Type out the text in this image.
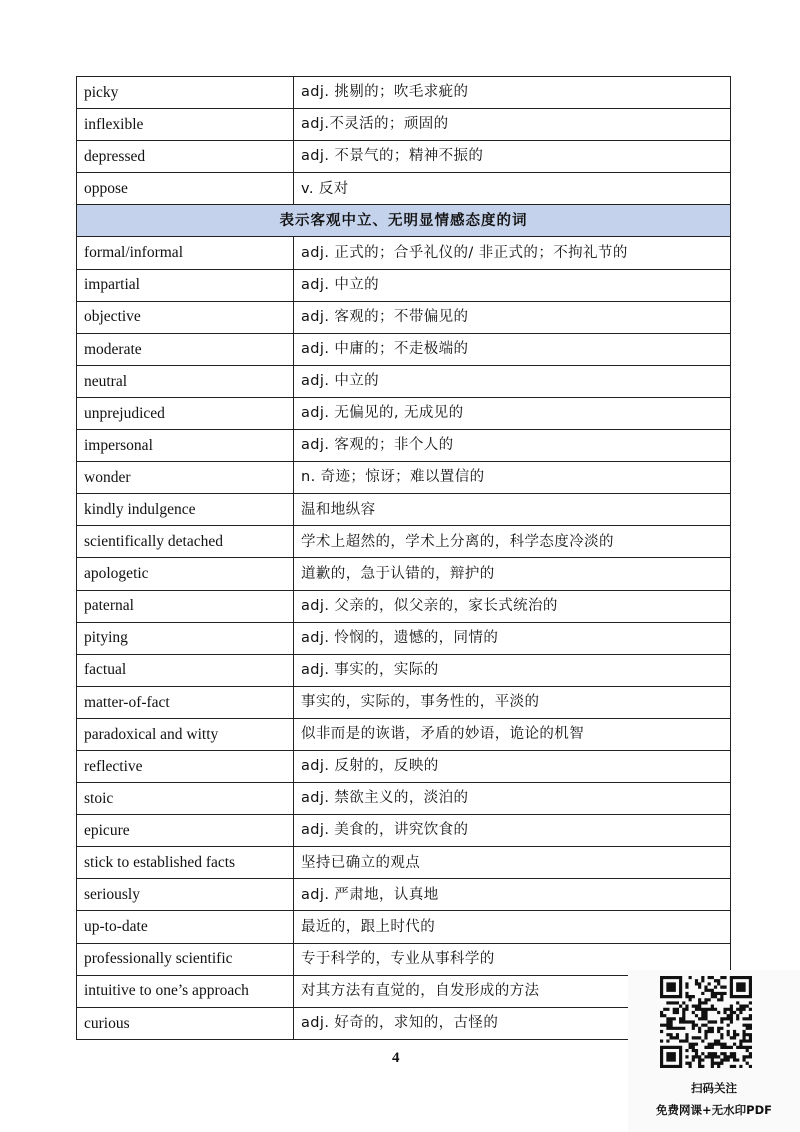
picky	adj. 挑剔的；吹毛求疵的
inflexible	adj.不灵活的；顽固的
depressed	adj. 不景气的；精神不振的
oppose	v. 反对
表示客观中立、无明显情感态度的词	
formal/informal	adj. 正式的；合乎礼仪的/ 非正式的；不拘礼节的
impartial	adj. 中立的
objective	adj. 客观的；不带偏见的
moderate	adj. 中庸的；不走极端的
neutral	adj. 中立的
unprejudiced	adj. 无偏见的, 无成见的
impersonal	adj. 客观的；非个人的
wonder	n. 奇迹；惊讶；难以置信的
kindly indulgence	温和地纵容
scientifically detached	学术上超然的，学术上分离的，科学态度冷淡的
apologetic	道歉的，急于认错的，辩护的
paternal	adj. 父亲的，似父亲的，家长式统治的
pitying	adj. 怜悯的，遗憾的，同情的
factual	adj. 事实的，实际的
matter-of-fact	事实的，实际的，事务性的，平淡的
paradoxical and witty	似非而是的诙谐，矛盾的妙语，诡论的机智
reflective	adj. 反射的，反映的
stoic	adj. 禁欲主义的，淡泊的
epicure	adj. 美食的，讲究饮食的
stick to established facts	坚持已确立的观点
seriously	adj. 严肃地，认真地
up-to-date	最近的，跟上时代的
professionally scientific	专于科学的，专业从事科学的
intuitive to one’s approach	对其方法有直觉的，自发形成的方法
curious	adj. 好奇的，求知的，古怪的
4
扫码关注
免费网课+无水印PDF
